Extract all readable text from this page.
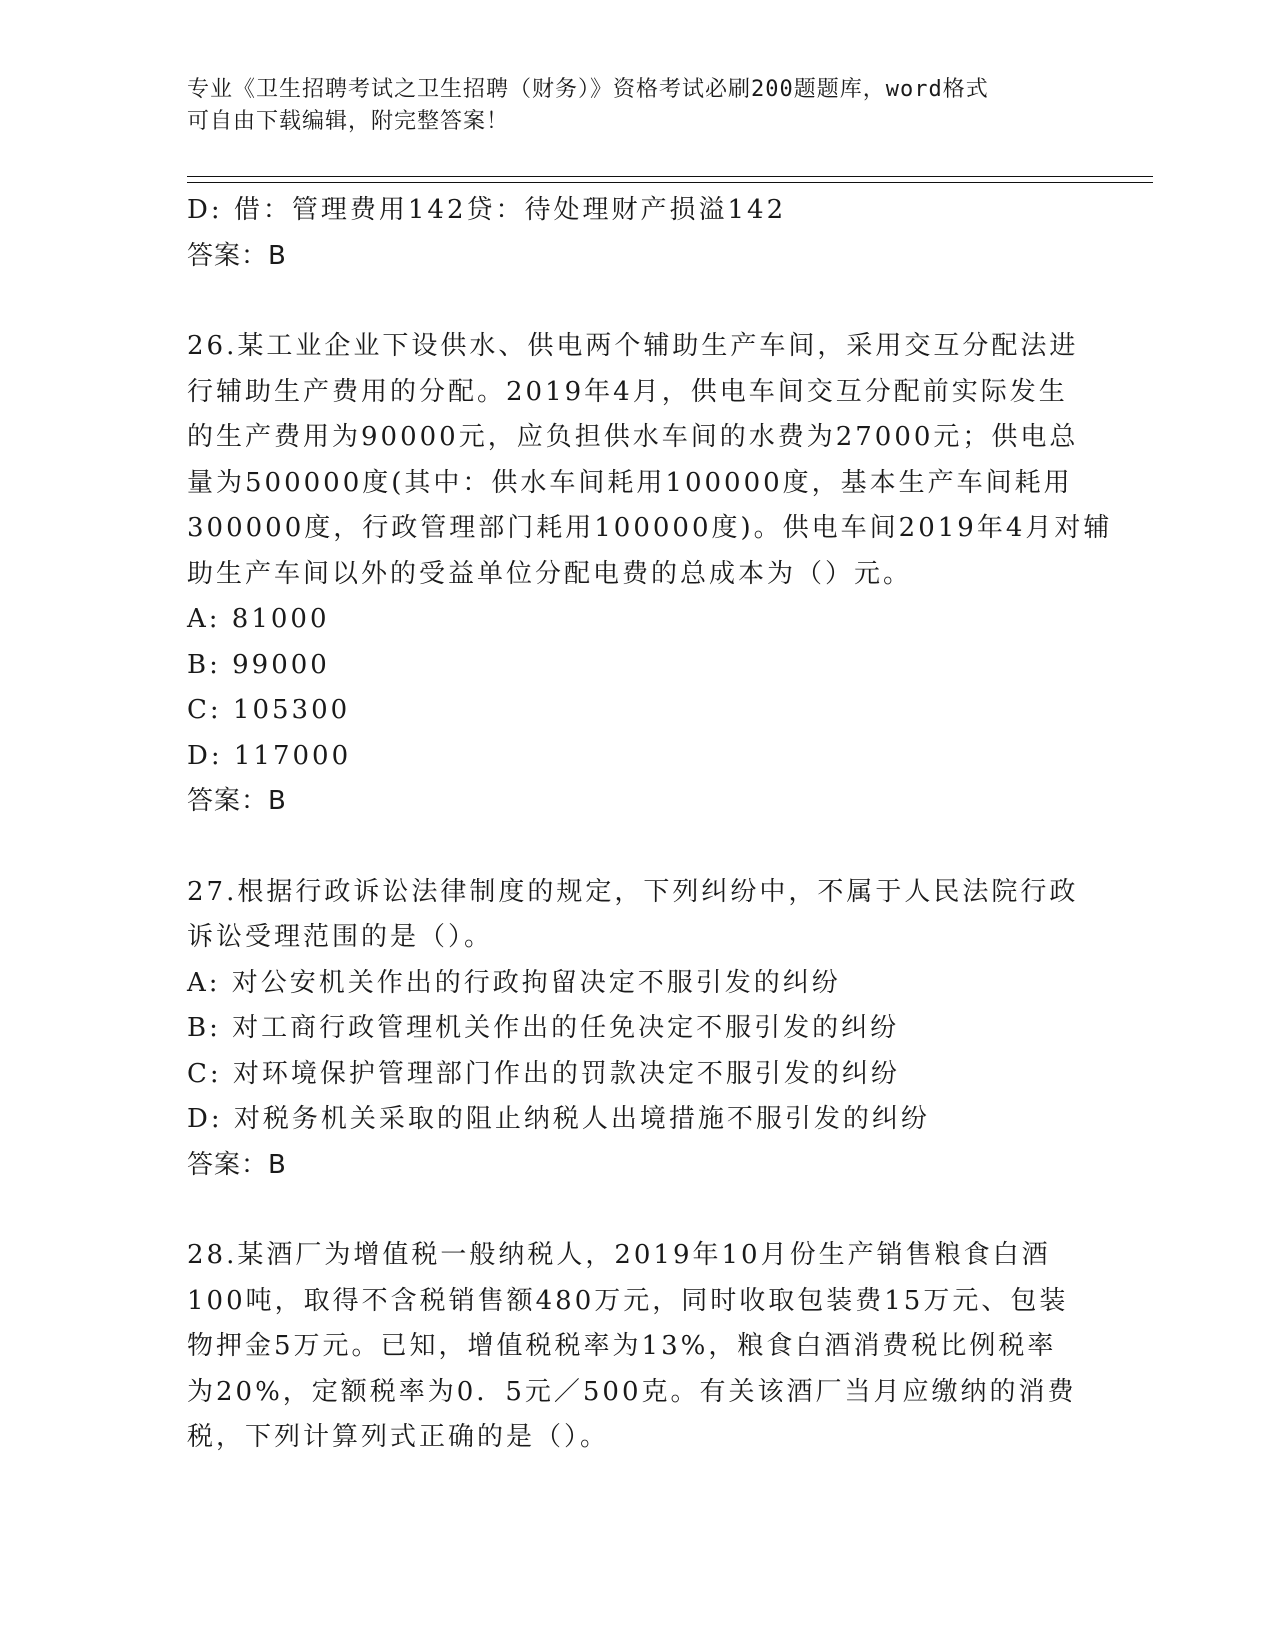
专业《卫生招聘考试之卫生招聘（财务）》资格考试必刷200题题库，word格式
可自由下载编辑，附完整答案！
D: 借：管理费用142贷：待处理财产损溢142
答案：B
26.某工业企业下设供水、供电两个辅助生产车间，采用交互分配法进
行辅助生产费用的分配。2019年4月，供电车间交互分配前实际发生
的生产费用为90000元，应负担供水车间的水费为27000元；供电总
量为500000度(其中：供水车间耗用100000度，基本生产车间耗用
300000度，行政管理部门耗用100000度)。供电车间2019年4月对辅
助生产车间以外的受益单位分配电费的总成本为（）元。
A: 81000
B: 99000
C: 105300
D: 117000
答案：B
27.根据行政诉讼法律制度的规定，下列纠纷中，不属于人民法院行政
诉讼受理范围的是（）。
A: 对公安机关作出的行政拘留决定不服引发的纠纷
B: 对工商行政管理机关作出的任免决定不服引发的纠纷
C: 对环境保护管理部门作出的罚款决定不服引发的纠纷
D: 对税务机关采取的阻止纳税人出境措施不服引发的纠纷
答案：B
28.某酒厂为增值税一般纳税人，2019年10月份生产销售粮食白酒
100吨，取得不含税销售额480万元，同时收取包装费15万元、包装
物押金5万元。已知，增值税税率为13%，粮食白酒消费税比例税率
为20%，定额税率为0．5元／500克。有关该酒厂当月应缴纳的消费
税，下列计算列式正确的是（）。
